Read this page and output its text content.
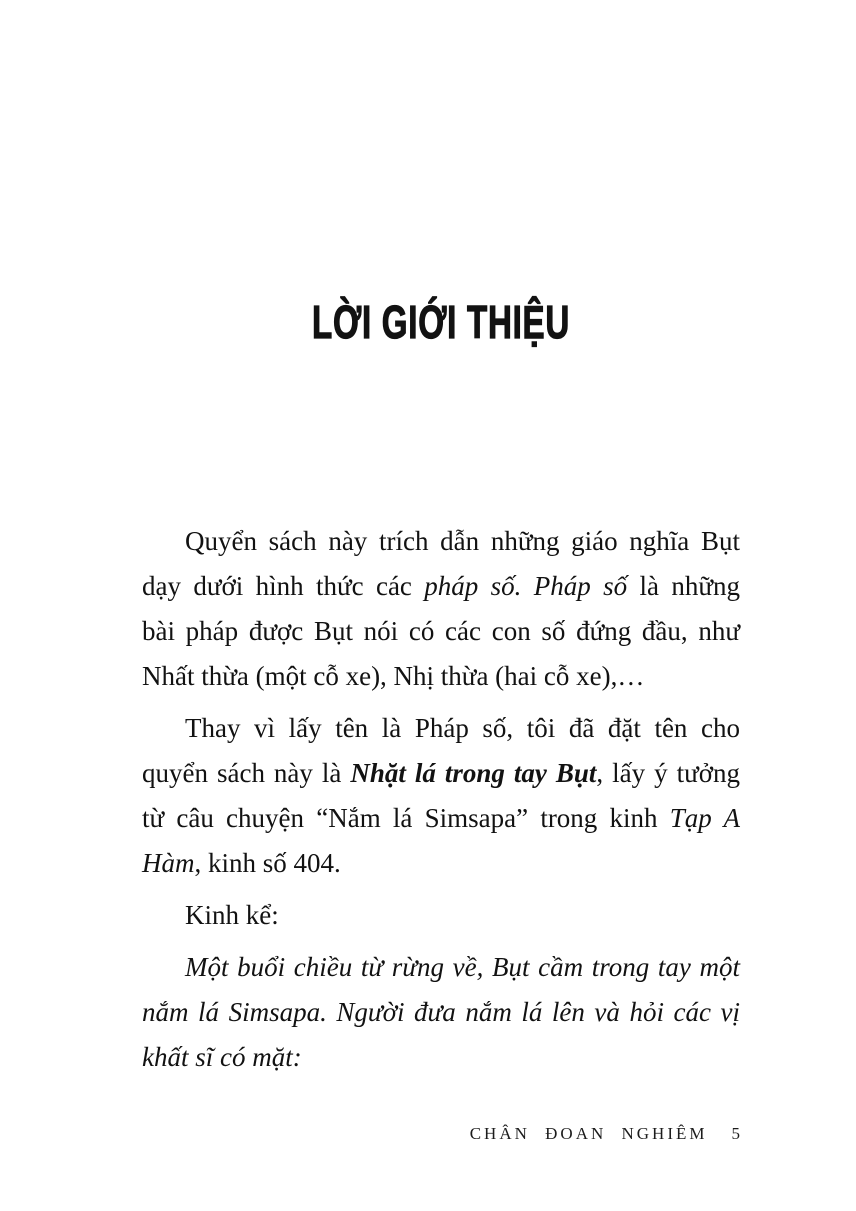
LỜI GIỚI THIỆU
Quyển sách này trích dẫn những giáo nghĩa Bụt
dạy dưới hình thức các pháp số. Pháp số là những
bài pháp được Bụt nói có các con số đứng đầu, như
Nhất thừa (một cỗ xe), Nhị thừa (hai cỗ xe),…
Thay vì lấy tên là Pháp số, tôi đã đặt tên cho
quyển sách này là Nhặt lá trong tay Bụt, lấy ý tưởng
từ câu chuyện “Nắm lá Simsapa” trong kinh Tạp A
Hàm, kinh số 404.
Kinh kể:
Một buổi chiều từ rừng về, Bụt cầm trong tay một
nắm lá Simsapa. Người đưa nắm lá lên và hỏi các vị
khất sĩ có mặt:
CHÂN ĐOAN NGHIÊM 5
